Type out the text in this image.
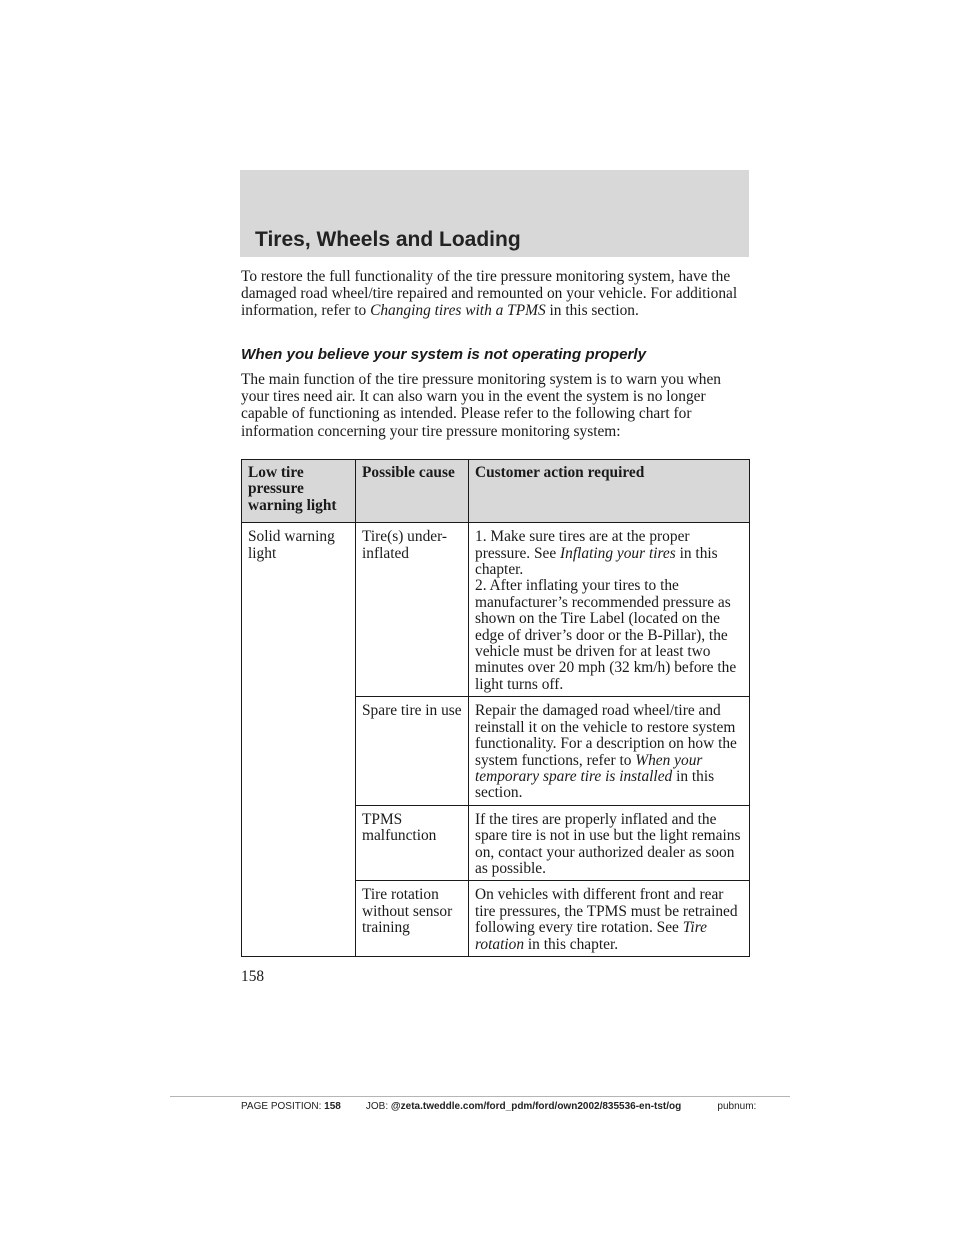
Tires, Wheels and Loading

To restore the full functionality of the tire pressure monitoring system, have the damaged road wheel/tire repaired and remounted on your vehicle. For additional information, refer to Changing tires with a TPMS in this section.

When you believe your system is not operating properly

The main function of the tire pressure monitoring system is to warn you when your tires need air. It can also warn you in the event the system is no longer capable of functioning as intended. Please refer to the following chart for information concerning your tire pressure monitoring system:

Low tire pressure warning light	Possible cause	Customer action required
Solid warning light	Tire(s) under-inflated	1. Make sure tires are at the proper pressure. See Inflating your tires in this chapter.
2. After inflating your tires to the manufacturer’s recommended pressure as shown on the Tire Label (located on the edge of driver’s door or the B-Pillar), the vehicle must be driven for at least two minutes over 20 mph (32 km/h) before the light turns off.

	Spare tire in use	Repair the damaged road wheel/tire and reinstall it on the vehicle to restore system functionality. For a description on how the system functions, refer to When your temporary spare tire is installed in this section.
	TPMS malfunction	If the tires are properly inflated and the spare tire is not in use but the light remains on, contact your authorized dealer as soon as possible.
	Tire rotation without sensor training	On vehicles with different front and rear tire pressures, the TPMS must be retrained following every tire rotation. See Tire rotation in this chapter.
158
PAGE POSITION: 158	JOB: @zeta.tweddle.com/ford_pdm/ford/own2002/835536-en-tst/og	pubnum:
